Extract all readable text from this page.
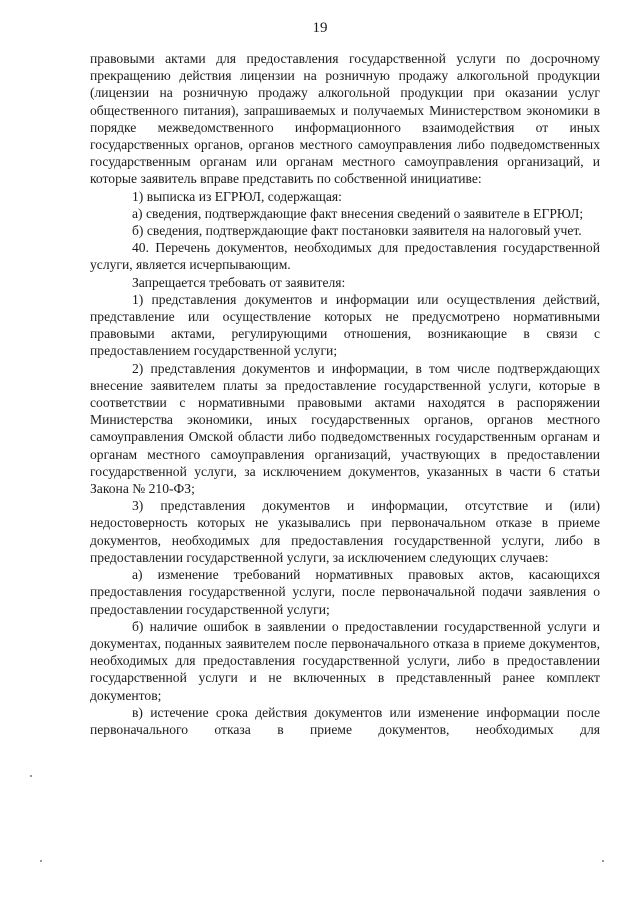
19

правовыми актами для предоставления государственной услуги по досрочному прекращению действия лицензии на розничную продажу алкогольной продукции (лицензии на розничную продажу алкогольной продукции при оказании услуг общественного питания), запрашиваемых и получаемых Министерством экономики в порядке межведомственного информационного взаимодействия от иных государственных органов, органов местного самоуправления либо подведомственных государственным органам или органам местного самоуправления организаций, и которые заявитель вправе представить по собственной инициативе:

1) выписка из ЕГРЮЛ, содержащая:

а) сведения, подтверждающие факт внесения сведений о заявителе в ЕГРЮЛ;

б) сведения, подтверждающие факт постановки заявителя на налоговый учет.

40. Перечень документов, необходимых для предоставления государственной услуги, является исчерпывающим.

Запрещается требовать от заявителя:

1) представления документов и информации или осуществления действий, представление или осуществление которых не предусмотрено нормативными правовыми актами, регулирующими отношения, возникающие в связи с предоставлением государственной услуги;

2) представления документов и информации, в том числе подтверждающих внесение заявителем платы за предоставление государственной услуги, которые в соответствии с нормативными правовыми актами находятся в распоряжении Министерства экономики, иных государственных органов, органов местного самоуправления Омской области либо подведомственных государственным органам и органам местного самоуправления организаций, участвующих в предоставлении государственной услуги, за исключением документов, указанных в части 6 статьи Закона № 210-ФЗ;

3) представления документов и информации, отсутствие и (или) недостоверность которых не указывались при первоначальном отказе в приеме документов, необходимых для предоставления государственной услуги, либо в предоставлении государственной услуги, за исключением следующих случаев:

а) изменение требований нормативных правовых актов, касающихся предоставления государственной услуги, после первоначальной подачи заявления о предоставлении государственной услуги;

б) наличие ошибок в заявлении о предоставлении государственной услуги и документах, поданных заявителем после первоначального отказа в приеме документов, необходимых для предоставления государственной услуги, либо в предоставлении государственной услуги и не включенных в представленный ранее комплект документов;

в) истечение срока действия документов или изменение информации после первоначального отказа в приеме документов, необходимых для
